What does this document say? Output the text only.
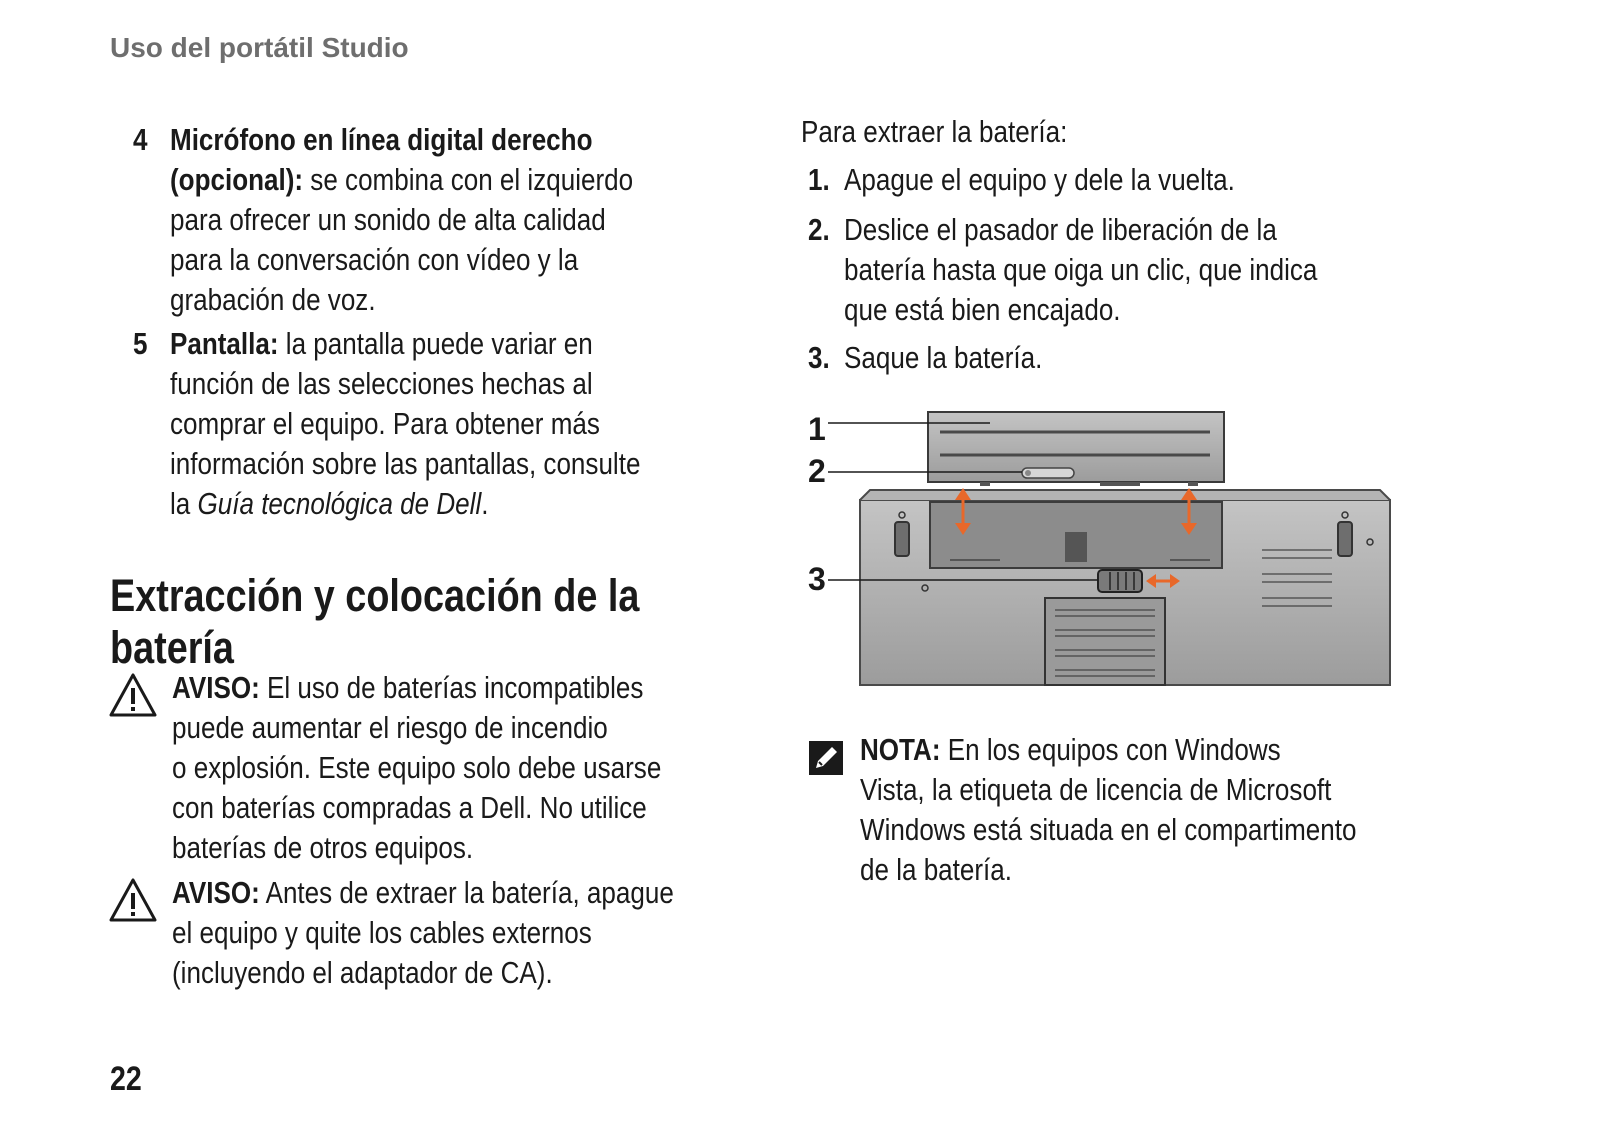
Uso del portátil Studio
4 Micrófono en línea digital derecho
(opcional): se combina con el izquierdo
para ofrecer un sonido de alta calidad
para la conversación con vídeo y la
grabación de voz.
5 Pantalla: la pantalla puede variar en
función de las selecciones hechas al
comprar el equipo. Para obtener más
información sobre las pantallas, consulte
la Guía tecnológica de Dell.
Extracción y colocación de la
batería
AVISO: El uso de baterías incompatibles
puede aumentar el riesgo de incendio
o explosión. Este equipo solo debe usarse
con baterías compradas a Dell. No utilice
baterías de otros equipos.
AVISO: Antes de extraer la batería, apague
el equipo y quite los cables externos
(incluyendo el adaptador de CA).
Para extraer la batería:
1. Apague el equipo y dele la vuelta.
2. Deslice el pasador de liberación de la
batería hasta que oiga un clic, que indica
que está bien encajado.
3. Saque la batería.
1
2
3
NOTA: En los equipos con Windows
Vista, la etiqueta de licencia de Microsoft
Windows está situada en el compartimento
de la batería.
22
